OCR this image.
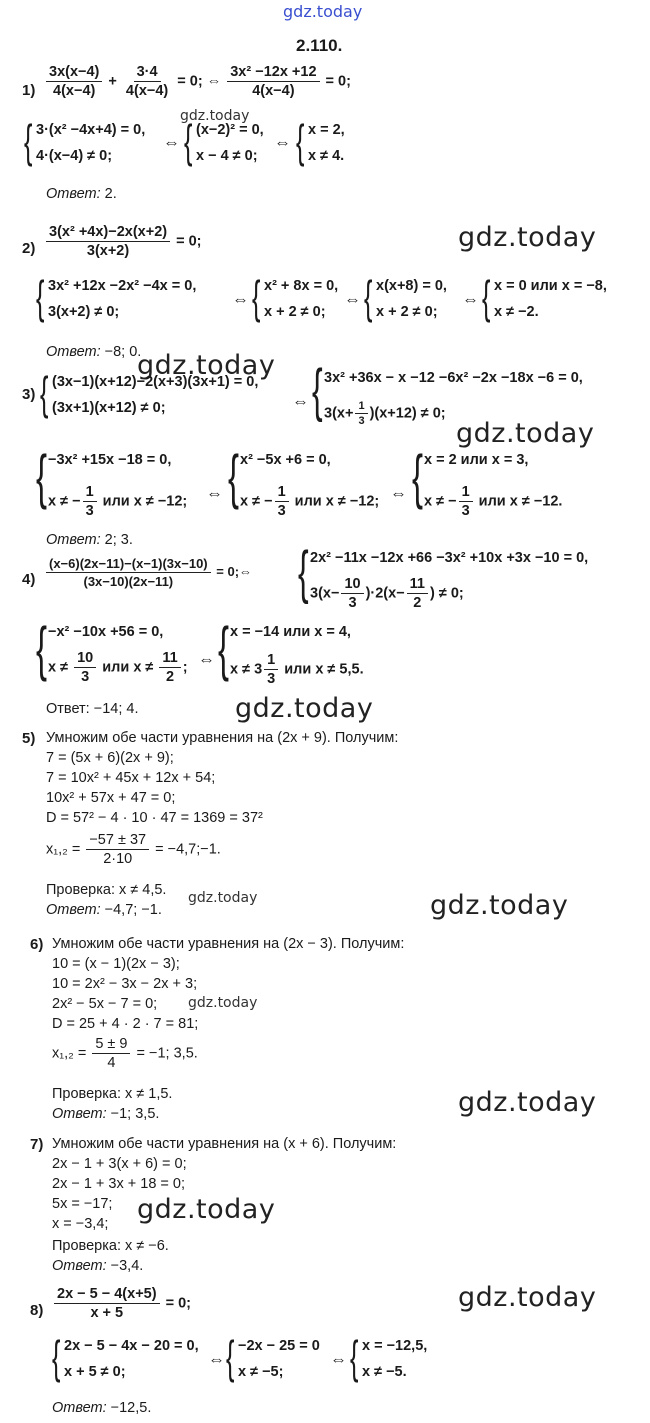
gdz.today
gdz.today
gdz.today
gdz.today
gdz.today
gdz.today
gdz.today	gdz.today
gdz.today
gdz.today
gdz.today
gdz.today
2.110.
$1) \frac{3x(x-4)}{4(x-4)} + \frac{3\cdot 4}{4(x-4)} = 0$; ⇔ $\frac{\text{3x² −12x +12}}{4(x-4)} = 0$;
{ 3·(x² −4x+4) = 0,
4·(x−4) ≠ 0;
⇔ { (x−2)² = 0,
x − 4 ≠ 0;
⇔ { x = 2,
x ≠ 4.
Ответ: 2.
$2) \frac{\text{3(x² +4x)−2x(x+2)}}{3(x+2)} = 0$;
{ 3x² +12x −2x² −4x = 0,
3(x+2) ≠ 0;
⇔ { x² + 8x = 0,
x + 2 ≠ 0;
⇔ { x(x+8) = 0,
x + 2 ≠ 0;
⇔ { x = 0 или x = −8,
x ≠ −2.
Ответ: −8; 0.
3) { (3x−1)(x+12)−2(x+3)(3x+1) = 0,
(3x+1)(x+12) ≠ 0;	⇔ { 3x² +36x − x −12 −6x² −2x −18x −6 = 0,
$3(x+ \frac{1}{3} )(x+12) \ne 0$;
{ −3x² +15x −18 = 0,
x ≠ − $\frac{1}{3}$ или x ≠ −12; ⇔ { x² −5x +6 = 0,
x ≠ − $\frac{1}{3}$ или x ≠ −12; ⇔ { x = 2 или x = 3,
x ≠ − $\frac{1}{3}$ или x ≠ −12.
Ответ: 2; 3.
$4) \frac{(x-6)(2x-11)-(x-1)(3x-10)}{(3x-10)(2x-11)}$ = 0;⇔ { 2x² −11x −12x +66 −3x² +10x +3x −10 = 0,
$3(x- \frac{10}{3} )\cdot 2(x- \frac{11}{2}$ ) ≠ 0;
{ −x² −10x +56 = 0,
$x \ne \frac{10}{3}$ или $x \ne \frac{11}{2}$ ; ⇔ { x = −14 или x = 4,
$x \ne 3 \frac{1}{3}$ или x ≠ 5,5.
Ответ: −14; 4.
5) Умножим обе части уравнения на (2x + 9). Получим:
7 = (5x + 6)(2x + 9);
7 = 10x² + 45x + 12x + 54;
10x² + 57x + 47 = 0;
D = 57² − 4 · 10 · 47 = 1369 = 37²
$x_1,_2 = \frac{-57 \pm 37}{2\cdot 10}$ = −4,7;−1.
Проверка: x ≠ 4,5.
Ответ: −4,7; −1.
6) Умножим обе части уравнения на (2x − 3). Получим:
10 = (x − 1)(2x − 3);
10 = 2x² − 3x − 2x + 3;
2x² − 5x − 7 = 0;
D = 25 + 4 · 2 · 7 = 81;
$x_1,_2 = \frac{5 \pm 9}{4} = -1$; 3,5.
Проверка: x ≠ 1,5.
Ответ: −1; 3,5.
7) Умножим обе части уравнения на (x + 6). Получим:
2x − 1 + 3(x + 6) = 0;
2x − 1 + 3x + 18 = 0;
5x = −17;
x = −3,4;
Проверка: x ≠ −6.
Ответ: −3,4.
$8) \frac{2x - 5 - 4(x+5)}{x + 5} = 0$;
{ 2x − 5 − 4x − 20 = 0,
x + 5 ≠ 0;
⇔ { −2x − 25 = 0
x ≠ −5;
⇔ { x = −12,5,
x ≠ −5.
Ответ: −12,5.
